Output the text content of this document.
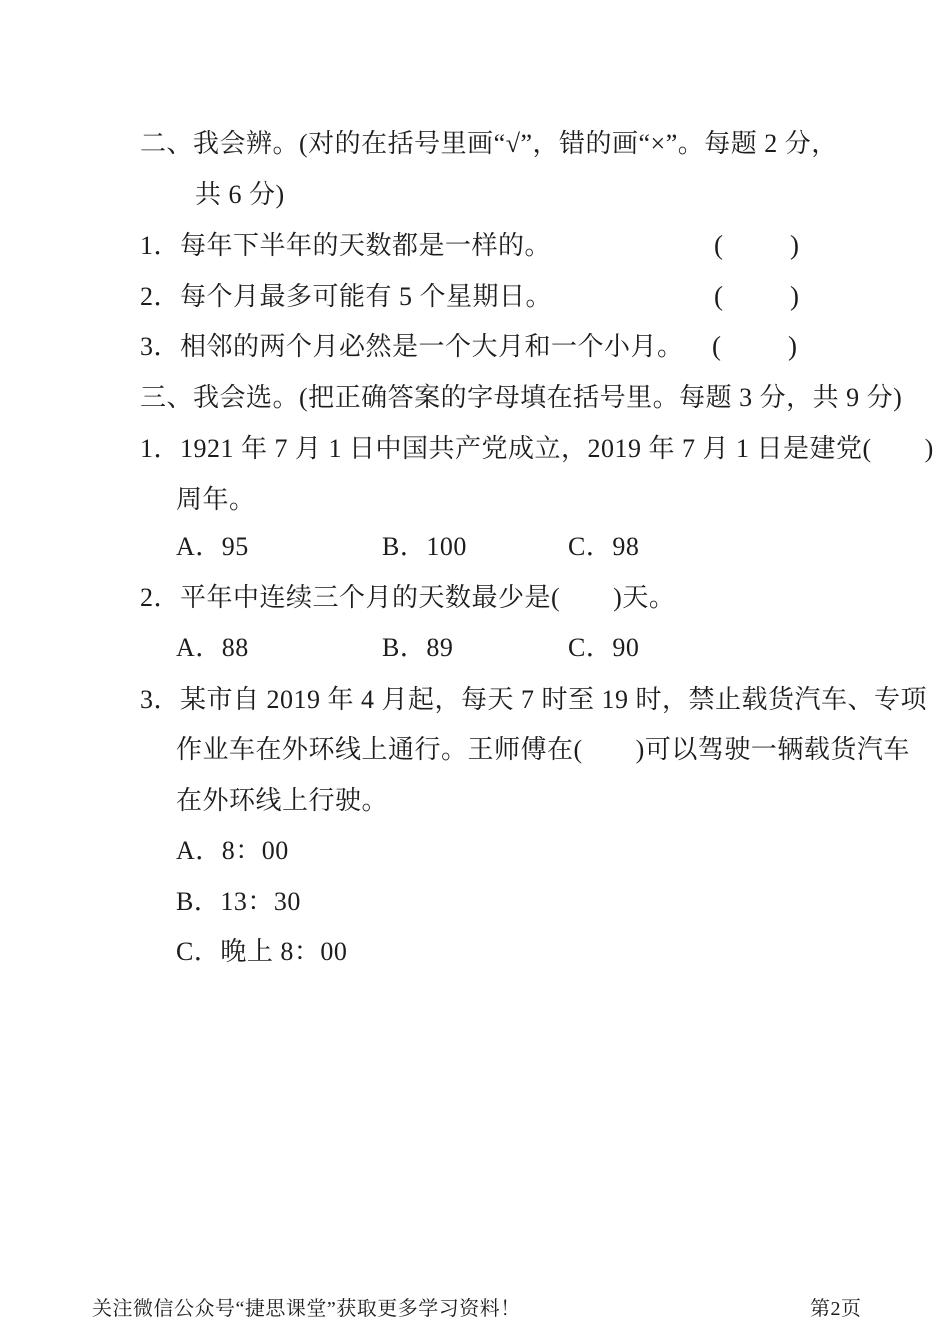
二、我会辨。(对的在括号里画“√”，错的画“×”。每题 2 分，
共 6 分)
1．每年下半年的天数都是一样的。	( )
2．每个月最多可能有 5 个星期日。	( )
3．相邻的两个月必然是一个大月和一个小月。 ( )
三、我会选。(把正确答案的字母填在括号里。每题 3 分，共 9 分)
1．1921 年 7 月 1 日中国共产党成立，2019 年 7 月 1 日是建党(　　)
周年。
A．95	B．100	C．98
2．平年中连续三个月的天数最少是(　　)天。
A．88	B．89	C．90
3．某市自 2019 年 4 月起，每天 7 时至 19 时，禁止载货汽车、专项
作业车在外环线上通行。王师傅在(　　)可以驾驶一辆载货汽车
在外环线上行驶。
A．8：00
B．13：30
C．晚上 8：00
关注微信公众号“捷思课堂”获取更多学习资料！	第2页
